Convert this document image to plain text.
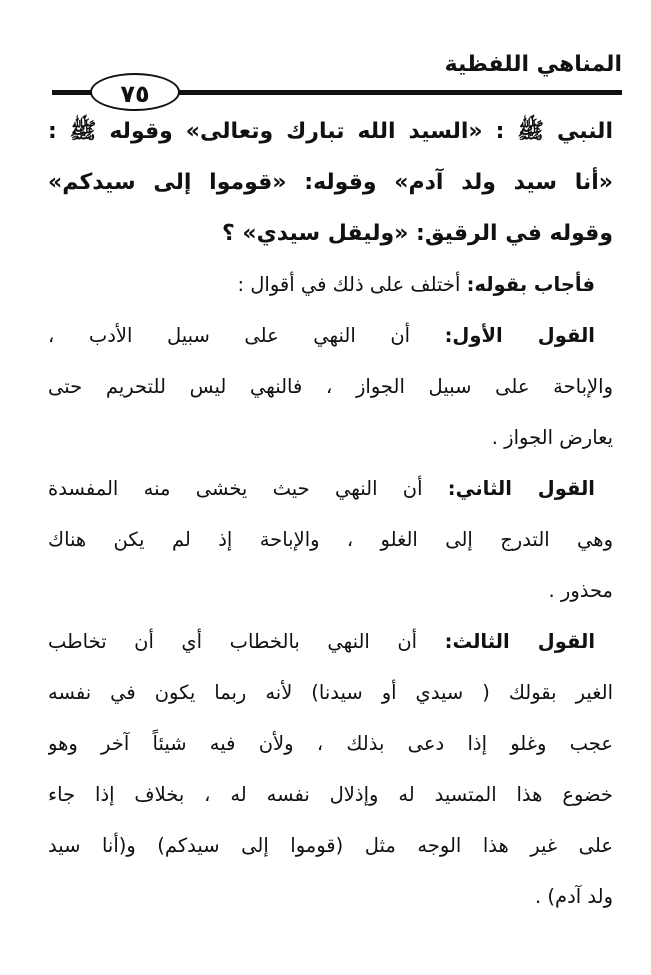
المناهي اللفظية
٧٥
النبي ﷺ : «السيد الله تبارك وتعالى» وقوله ﷺ :
«أنا سيد ولد آدم» وقوله: «قوموا إلى سيدكم»
وقوله في الرقيق: «وليقل سيدي» ؟
فأجاب بقوله: أختلف على ذلك في أقوال :
القول الأول: أن النهي على سبيل الأدب ،
والإباحة على سبيل الجواز ، فالنهي ليس للتحريم حتى
يعارض الجواز .
القول الثاني: أن النهي حيث يخشى منه المفسدة
وهي التدرج إلى الغلو ، والإباحة إذ لم يكن هناك
محذور .
القول الثالث: أن النهي بالخطاب أي أن تخاطب
الغير بقولك ( سيدي أو سيدنا) لأنه ربما يكون في نفسه
عجب وغلو إذا دعى بذلك ، ولأن فيه شيئاً آخر وهو
خضوع هذا المتسيد له وإذلال نفسه له ، بخلاف إذا جاء
على غير هذا الوجه مثل (قوموا إلى سيدكم) و(أنا سيد
ولد آدم) .
